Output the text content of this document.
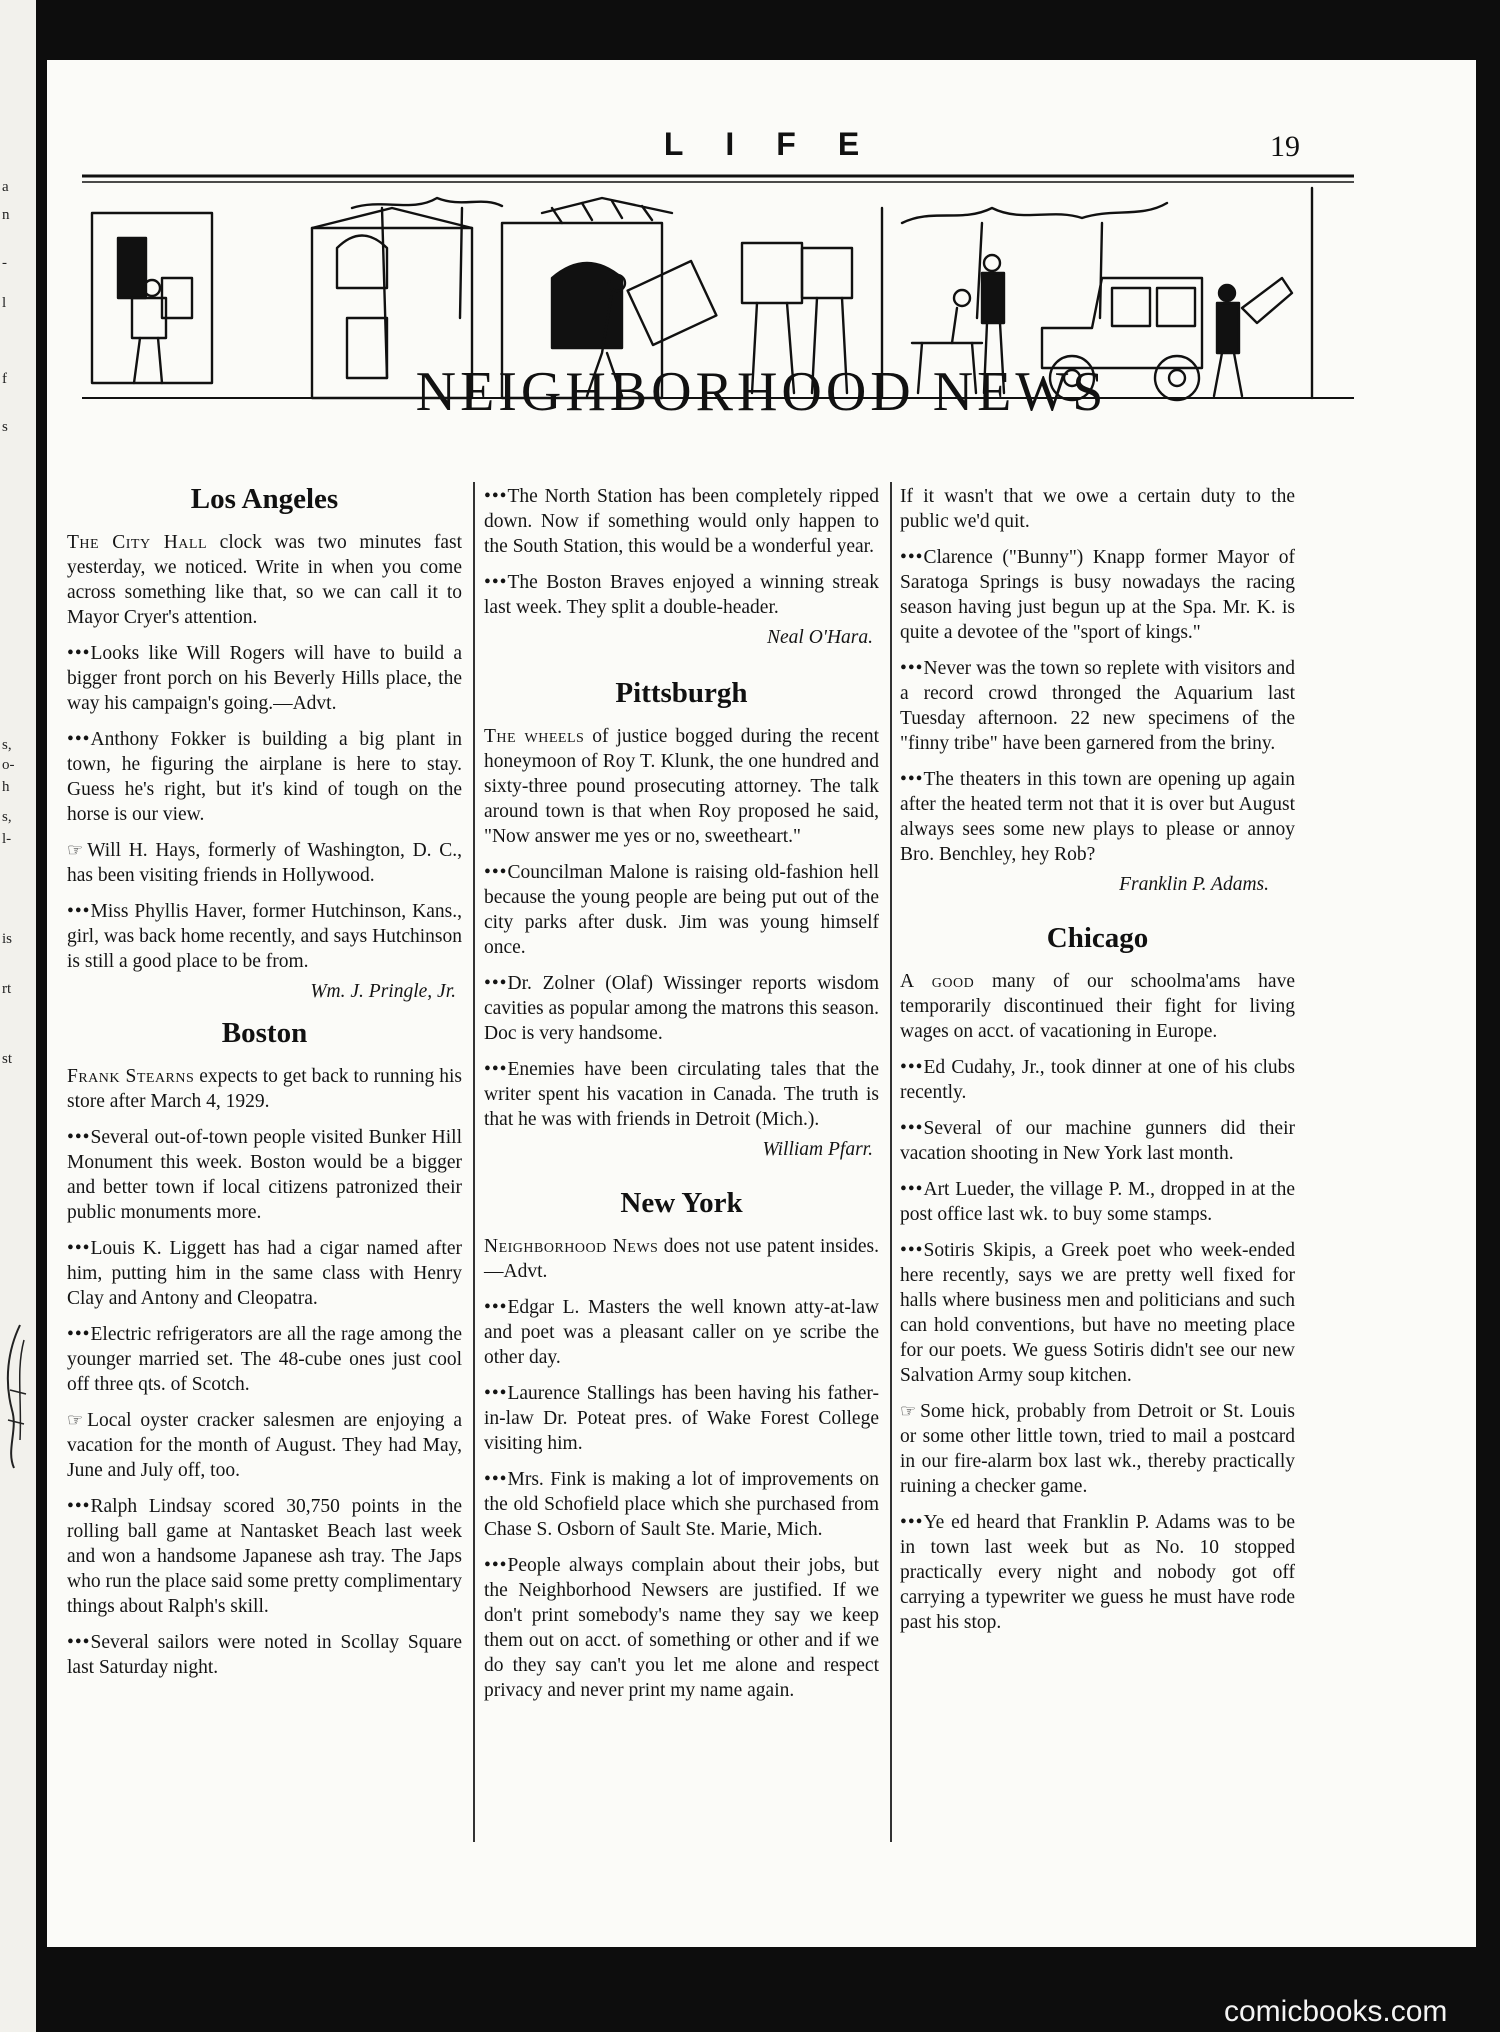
a
n
-
l
f
s
s,
o-
h
s,
l-
is
rt
st
LIFE	19
NEIGHBORHOOD NEWS
Los Angeles

The City Hall clock was two minutes fast yesterday, we noticed. Write in when you come across something like that, so we can call it to Mayor Cryer's attention.

•••Looks like Will Rogers will have to build a bigger front porch on his Beverly Hills place, the way his campaign's going.—Advt.

•••Anthony Fokker is building a big plant in town, he figuring the airplane is here to stay. Guess he's right, but it's kind of tough on the horse is our view.

☞ Will H. Hays, formerly of Washington, D. C., has been visiting friends in Hollywood.

•••Miss Phyllis Haver, former Hutchinson, Kans., girl, was back home recently, and says Hutchinson is still a good place to be from.

Wm. J. Pringle, Jr.
Boston

Frank Stearns expects to get back to running his store after March 4, 1929.

•••Several out-of-town people visited Bunker Hill Monument this week. Boston would be a bigger and better town if local citizens patronized their public monuments more.

•••Louis K. Liggett has had a cigar named after him, putting him in the same class with Henry Clay and Antony and Cleopatra.

•••Electric refrigerators are all the rage among the younger married set. The 48-cube ones just cool off three qts. of Scotch.

☞ Local oyster cracker salesmen are enjoying a vacation for the month of August. They had May, June and July off, too.

•••Ralph Lindsay scored 30,750 points in the rolling ball game at Nantasket Beach last week and won a handsome Japanese ash tray. The Japs who run the place said some pretty complimentary things about Ralph's skill.

•••Several sailors were noted in Scollay Square last Saturday night.

•••The North Station has been completely ripped down. Now if something would only happen to the South Station, this would be a wonderful year.

•••The Boston Braves enjoyed a winning streak last week. They split a double-header.

Neal O'Hara.
Pittsburgh

The wheels of justice bogged during the recent honeymoon of Roy T. Klunk, the one hundred and sixty-three pound prosecuting attorney. The talk around town is that when Roy proposed he said, "Now answer me yes or no, sweetheart."

•••Councilman Malone is raising old-fashion hell because the young people are being put out of the city parks after dusk. Jim was young himself once.

•••Dr. Zolner (Olaf) Wissinger reports wisdom cavities as popular among the matrons this season. Doc is very handsome.

•••Enemies have been circulating tales that the writer spent his vacation in Canada. The truth is that he was with friends in Detroit (Mich.).

William Pfarr.
New York

Neighborhood News does not use patent insides.—Advt.

•••Edgar L. Masters the well known atty-at-law and poet was a pleasant caller on ye scribe the other day.

•••Laurence Stallings has been having his father-in-law Dr. Poteat pres. of Wake Forest College visiting him.

•••Mrs. Fink is making a lot of improvements on the old Schofield place which she purchased from Chase S. Osborn of Sault Ste. Marie, Mich.

•••People always complain about their jobs, but the Neighborhood Newsers are justified. If we don't print somebody's name they say we keep them out on acct. of something or other and if we do they say can't you let me alone and respect privacy and never print my name again.

If it wasn't that we owe a certain duty to the public we'd quit.

•••Clarence ("Bunny") Knapp former Mayor of Saratoga Springs is busy nowadays the racing season having just begun up at the Spa. Mr. K. is quite a devotee of the "sport of kings."

•••Never was the town so replete with visitors and a record crowd thronged the Aquarium last Tuesday afternoon. 22 new specimens of the "finny tribe" have been garnered from the briny.

•••The theaters in this town are opening up again after the heated term not that it is over but August always sees some new plays to please or annoy Bro. Benchley, hey Rob?

Franklin P. Adams.
Chicago

A good many of our schoolma'ams have temporarily discontinued their fight for living wages on acct. of vacationing in Europe.

•••Ed Cudahy, Jr., took dinner at one of his clubs recently.

•••Several of our machine gunners did their vacation shooting in New York last month.

•••Art Lueder, the village P. M., dropped in at the post office last wk. to buy some stamps.

•••Sotiris Skipis, a Greek poet who week-ended here recently, says we are pretty well fixed for halls where business men and politicians and such can hold conventions, but have no meeting place for our poets. We guess Sotiris didn't see our new Salvation Army soup kitchen.

☞ Some hick, probably from Detroit or St. Louis or some other little town, tried to mail a postcard in our fire-alarm box last wk., thereby practically ruining a checker game.

•••Ye ed heard that Franklin P. Adams was to be in town last week but as No. 10 stopped practically every night and nobody got off carrying a typewriter we guess he must have rode past his stop.

comicbooks.com
